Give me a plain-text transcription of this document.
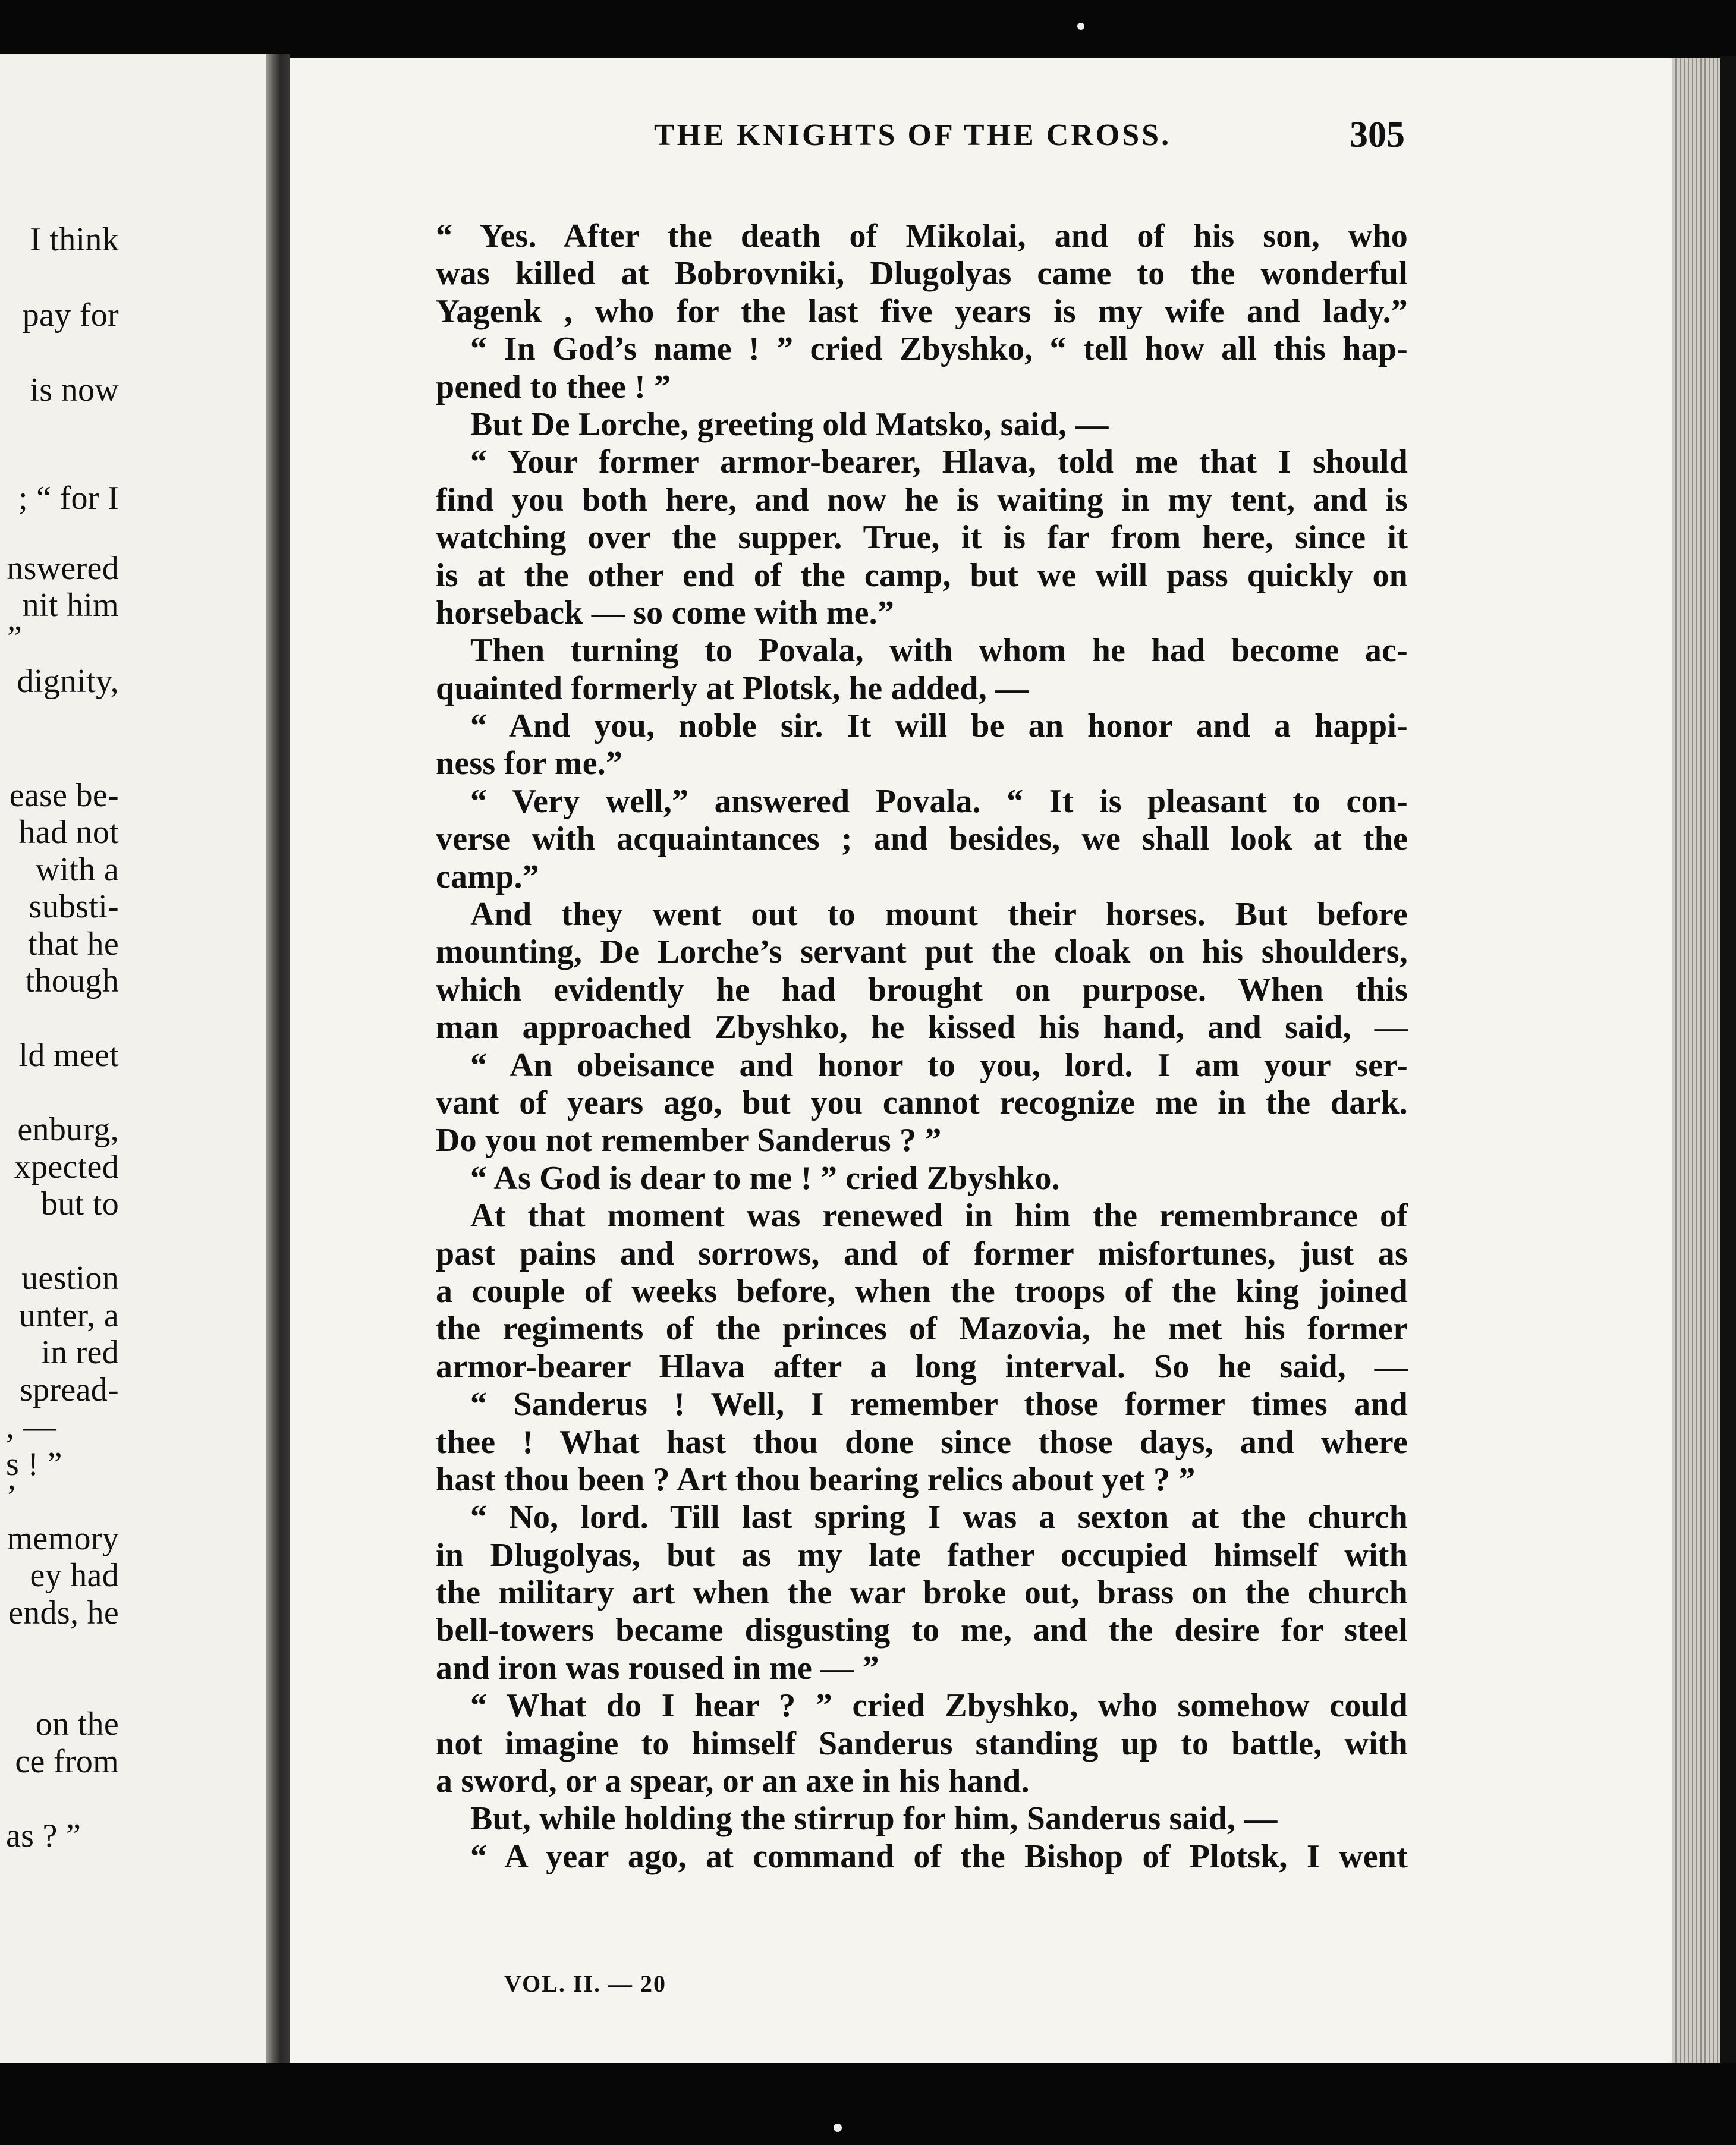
I think
pay for
is now
; “ for I
nswered
nit him
”
dignity,
ease be-
had not
with a
substi-
that he
though
ld meet
enburg,
xpected
but to
uestion
unter, a
in red
spread-
, —
s ! ”
’
memory
ey had
ends, he
on the
ce from
as ? ”
THE KNIGHTS OF THE CROSS.	305
“ Yes. After the death of Mikolai, and of his son, who
was killed at Bobrovniki, Dlugolyas came to the wonderful
Yagenk , who for the last five years is my wife and lady.”
“ In God’s name ! ” cried Zbyshko, “ tell how all this hap-
pened to thee ! ”
But De Lorche, greeting old Matsko, said, —
“ Your former armor-bearer, Hlava, told me that I should
find you both here, and now he is waiting in my tent, and is
watching over the supper. True, it is far from here, since it
is at the other end of the camp, but we will pass quickly on
horseback — so come with me.”
Then turning to Povala, with whom he had become ac-
quainted formerly at Plotsk, he added, —
“ And you, noble sir. It will be an honor and a happi-
ness for me.”
“ Very well,” answered Povala. “ It is pleasant to con-
verse with acquaintances ; and besides, we shall look at the
camp.”
And they went out to mount their horses. But before
mounting, De Lorche’s servant put the cloak on his shoulders,
which evidently he had brought on purpose. When this
man approached Zbyshko, he kissed his hand, and said, —
“ An obeisance and honor to you, lord. I am your ser-
vant of years ago, but you cannot recognize me in the dark.
Do you not remember Sanderus ? ”
“ As God is dear to me ! ” cried Zbyshko.
At that moment was renewed in him the remembrance of
past pains and sorrows, and of former misfortunes, just as
a couple of weeks before, when the troops of the king joined
the regiments of the princes of Mazovia, he met his former
armor-bearer Hlava after a long interval. So he said, —
“ Sanderus ! Well, I remember those former times and
thee ! What hast thou done since those days, and where
hast thou been ? Art thou bearing relics about yet ? ”
“ No, lord. Till last spring I was a sexton at the church
in Dlugolyas, but as my late father occupied himself with
the military art when the war broke out, brass on the church
bell-towers became disgusting to me, and the desire for steel
and iron was roused in me — ”
“ What do I hear ? ” cried Zbyshko, who somehow could
not imagine to himself Sanderus standing up to battle, with
a sword, or a spear, or an axe in his hand.
But, while holding the stirrup for him, Sanderus said, —
“ A year ago, at command of the Bishop of Plotsk, I went
VOL. II. — 20
